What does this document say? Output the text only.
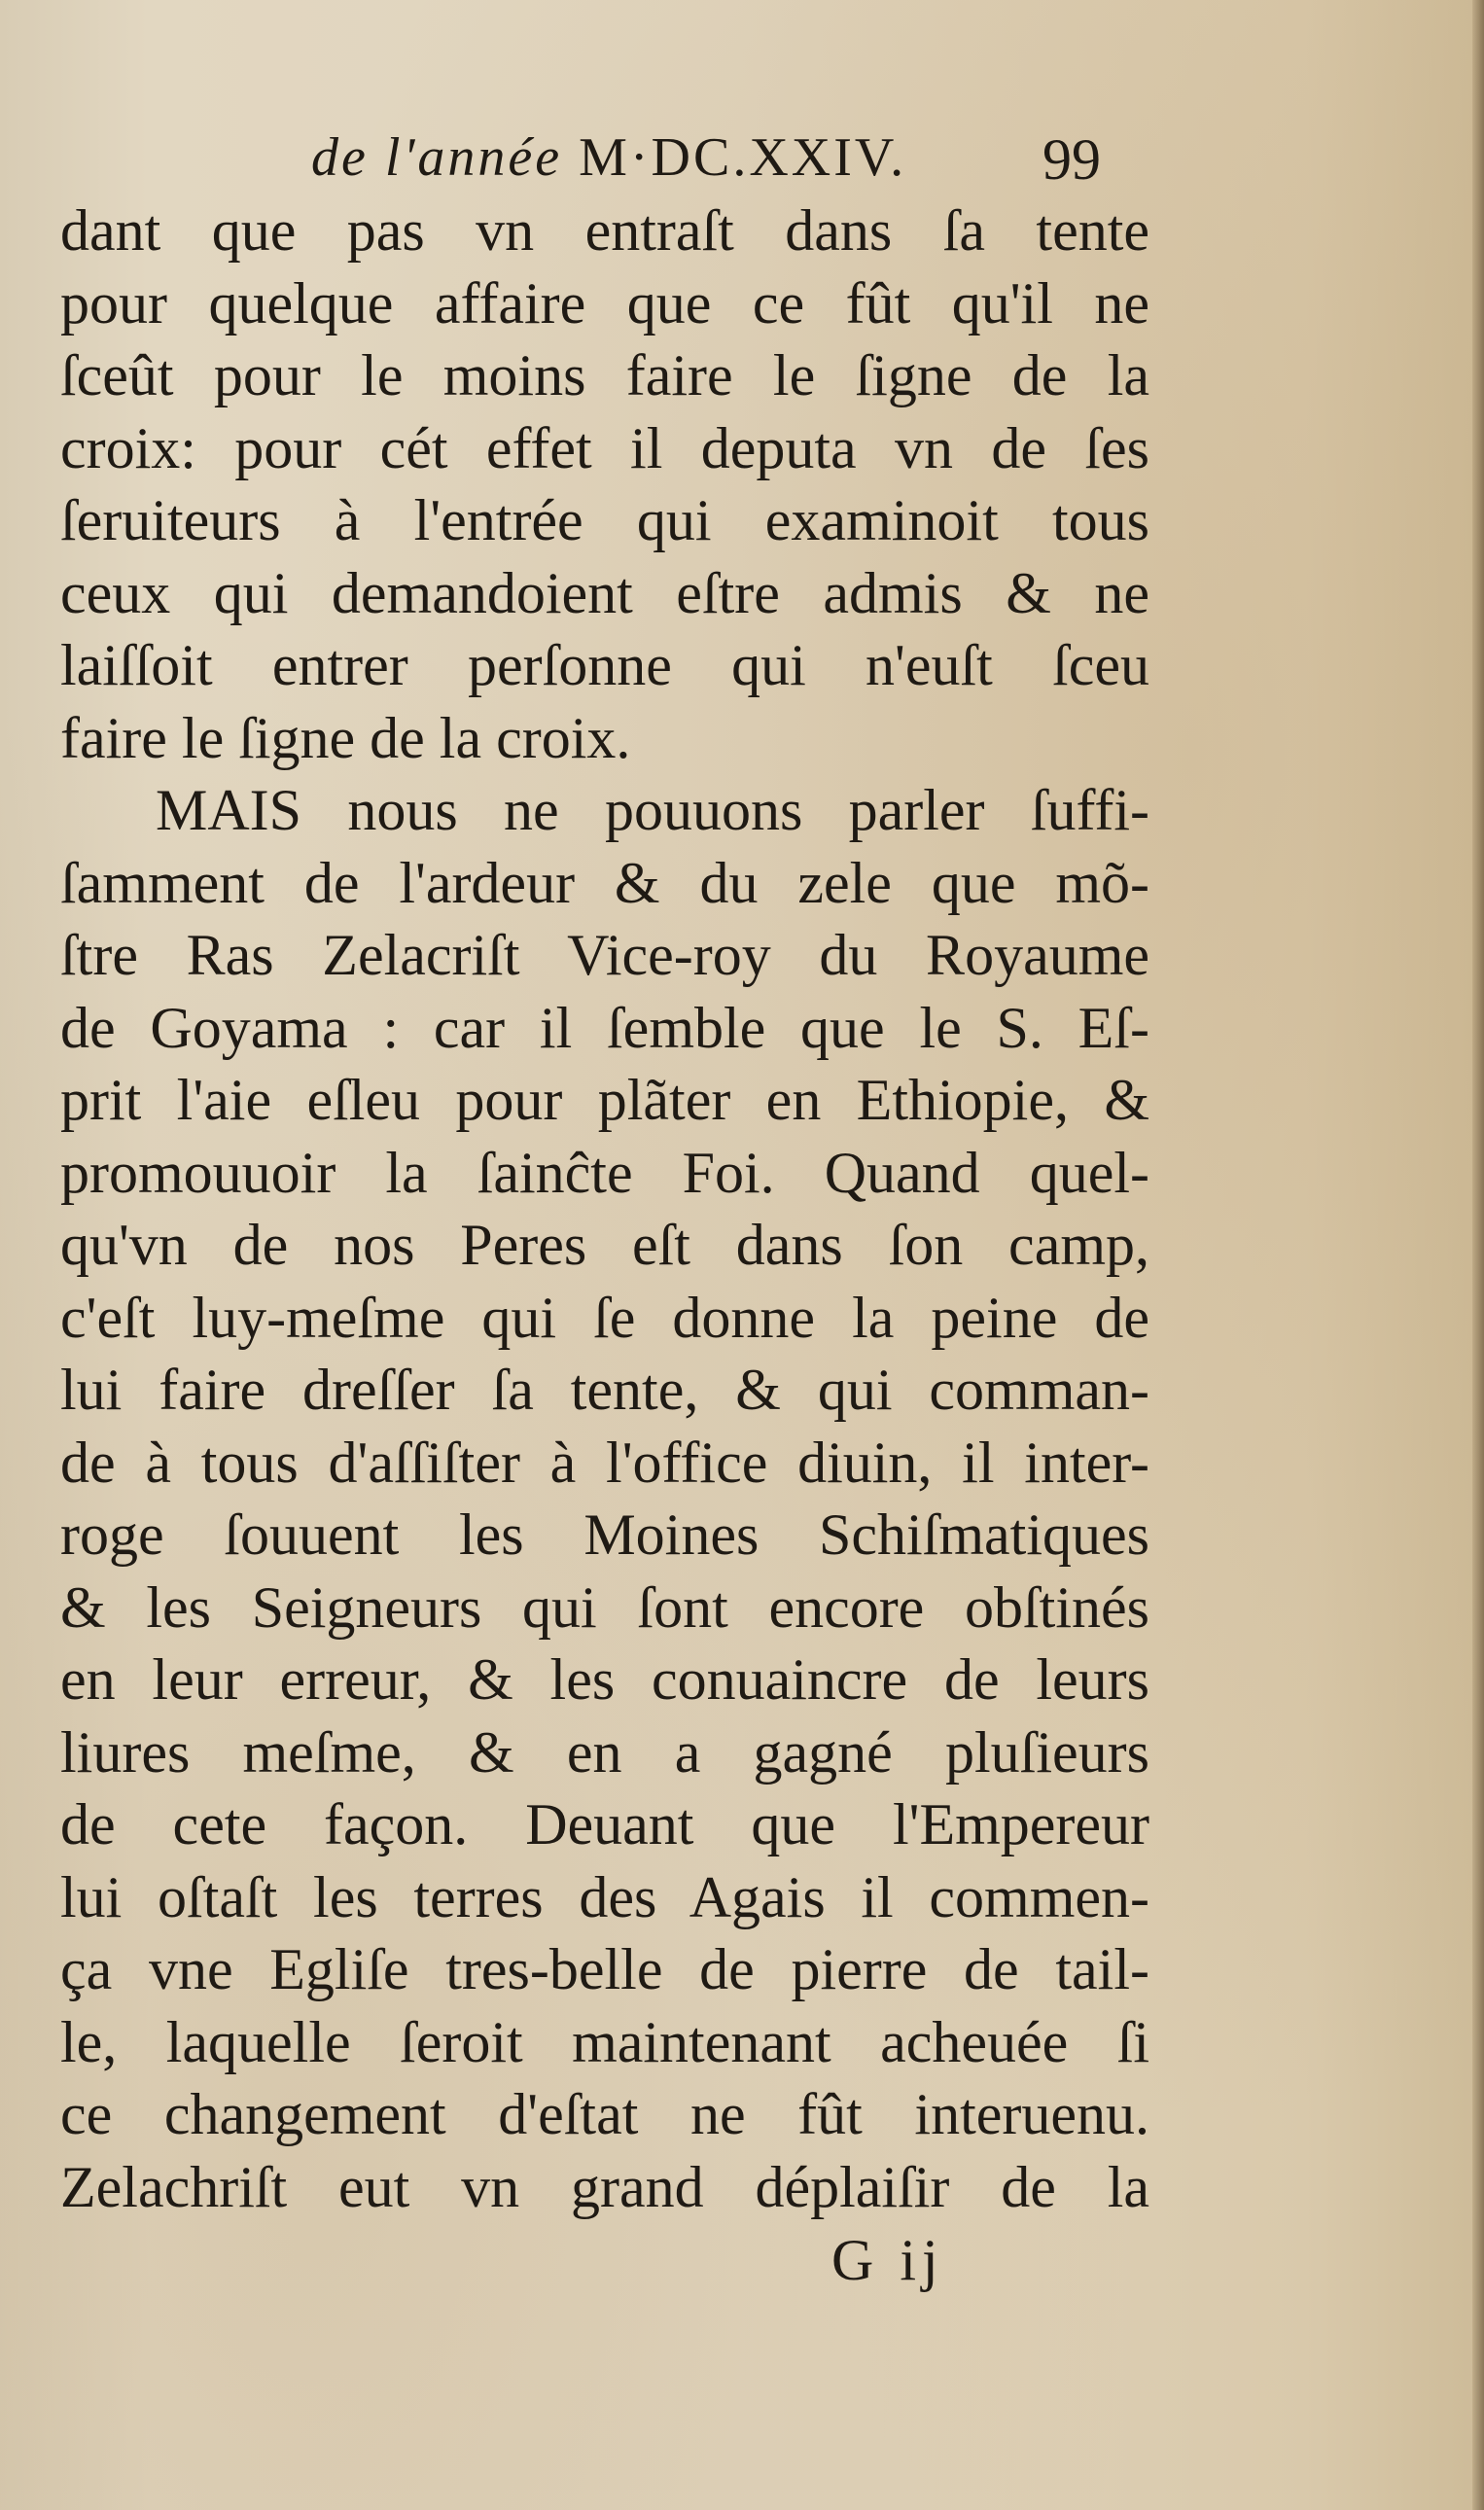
de l'année M·DC.XXIV. 99
dant que pas vn entraſt dans ſa tente
pour quelque affaire que ce fût qu'il ne
ſceût pour le moins faire le ſigne de la
croix: pour cét effet il deputa vn de ſes
ſeruiteurs à l'entrée qui examinoit tous
ceux qui demandoient eſtre admis & ne
laiſſoit entrer perſonne qui n'euſt ſceu
faire le ſigne de la croix.
MAIS nous ne pouuons parler ſuffi-
ſamment de l'ardeur & du zele que mõ-
ſtre Ras Zelacriſt Vice-roy du Royaume
de Goyama : car il ſemble que le S. Eſ-
prit l'aie eſleu pour plãter en Ethiopie, &
promouuoir la ſainĉte Foi. Quand quel-
qu'vn de nos Peres eſt dans ſon camp,
c'eſt luy-meſme qui ſe donne la peine de
lui faire dreſſer ſa tente, & qui comman-
de à tous d'aſſiſter à l'office diuin, il inter-
roge ſouuent les Moines Schiſmatiques
& les Seigneurs qui ſont encore obſtinés
en leur erreur, & les conuaincre de leurs
liures meſme, & en a gagné pluſieurs
de cete façon. Deuant que l'Empereur
lui oſtaſt les terres des Agais il commen-
ça vne Egliſe tres-belle de pierre de tail-
le, laquelle ſeroit maintenant acheuée ſi
ce changement d'eſtat ne fût interuenu.
Zelachriſt eut vn grand déplaiſir de la
G ij
